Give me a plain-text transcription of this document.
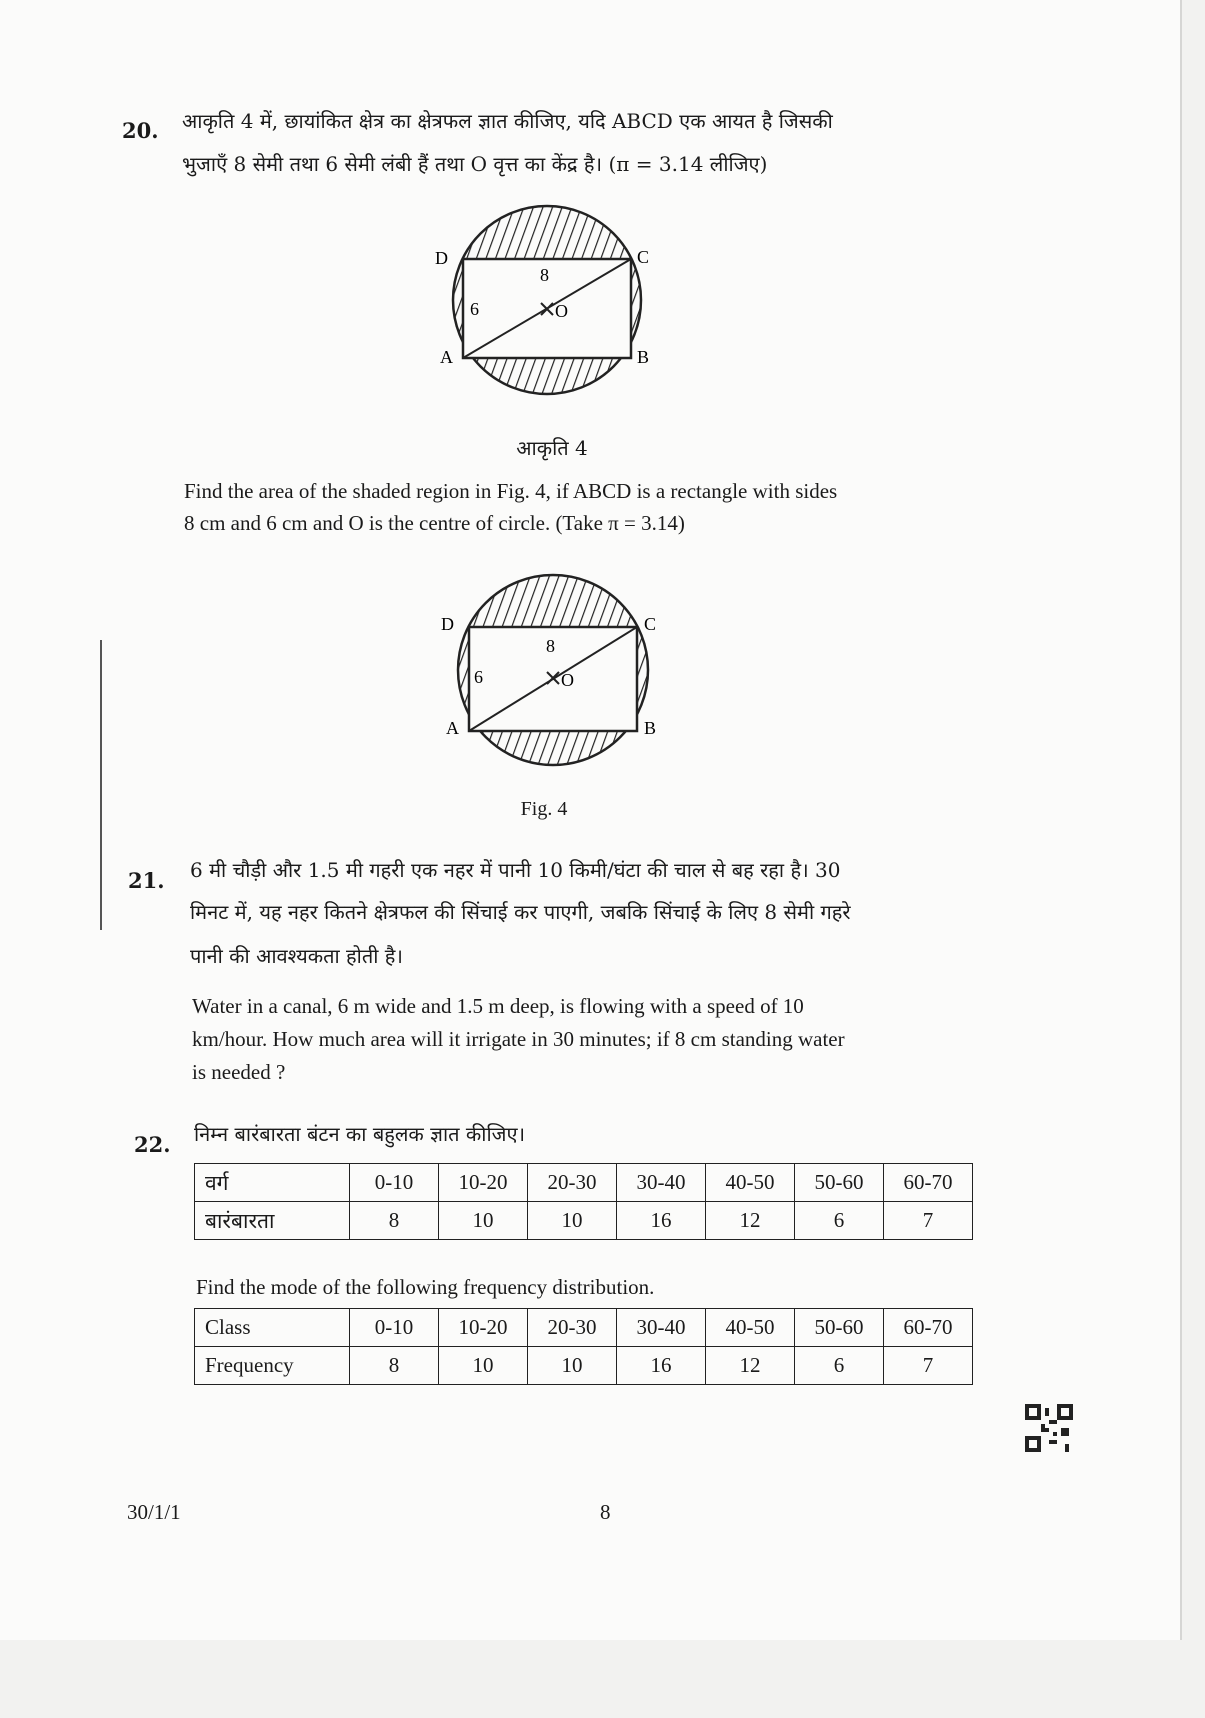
20. आकृति 4 में, छायांकित क्षेत्र का क्षेत्रफल ज्ञात कीजिए, यदि ABCD एक आयत है जिसकी
भुजाएँ 8 सेमी तथा 6 सेमी लंबी हैं तथा O वृत्त का केंद्र है। (π = 3.14 लीजिए)
8
6
D	C
A	B
O
आकृति 4
Find the area of the shaded region in Fig. 4, if ABCD is a rectangle with sides
8 cm and 6 cm and O is the centre of circle. (Take π = 3.14)
8
6
D	C
A	B
O
Fig. 4
21. 6 मी चौड़ी और 1.5 मी गहरी एक नहर में पानी 10 किमी/घंटा की चाल से बह रहा है। 30
मिनट में, यह नहर कितने क्षेत्रफल की सिंचाई कर पाएगी, जबकि सिंचाई के लिए 8 सेमी गहरे
पानी की आवश्यकता होती है।
Water in a canal, 6 m wide and 1.5 m deep, is flowing with a speed of 10
km/hour. How much area will it irrigate in 30 minutes; if 8 cm standing water
is needed ?
22. निम्न बारंबारता बंटन का बहुलक ज्ञात कीजिए।
वर्ग	0-10	10-20	20-30	30-40	40-50	50-60	60-70
बारंबारता	8	10	10	16	12	6	7
Find the mode of the following frequency distribution.
Class	0-10	10-20	20-30	30-40	40-50	50-60	60-70
Frequency	8	10	10	16	12	6	7
30/1/1	8
